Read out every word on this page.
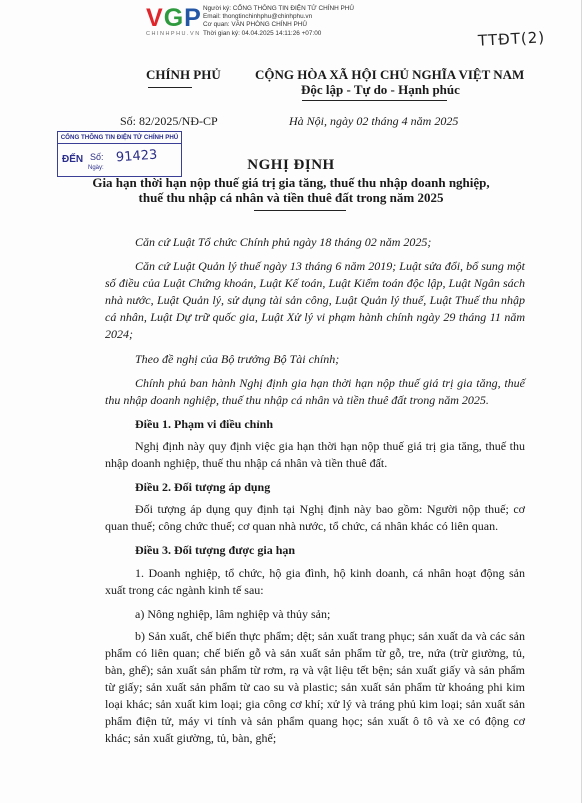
V G P
CHINHPHU.VN
Người ký: CỔNG THÔNG TIN ĐIỆN TỬ CHÍNH PHỦ
Email: thongtinchinhphu@chinhphu.vn
Cơ quan: VĂN PHÒNG CHÍNH PHỦ
Thời gian ký: 04.04.2025 14:11:26 +07:00	TTĐT(2)
CHÍNH PHỦ	CỘNG HÒA XÃ HỘI CHỦ NGHĨA VIỆT NAM
Độc lập - Tự do - Hạnh phúc
Số: 82/2025/NĐ-CP	Hà Nội, ngày 02 tháng 4 năm 2025
CỔNG THÔNG TIN ĐIỆN TỬ CHÍNH PHỦ
ĐẾN Số: 91423
Ngày:	NGHỊ ĐỊNH
Gia hạn thời hạn nộp thuế giá trị gia tăng, thuế thu nhập doanh nghiệp,
thuế thu nhập cá nhân và tiền thuê đất trong năm 2025

Căn cứ Luật Tổ chức Chính phủ ngày 18 tháng 02 năm 2025;

Căn cứ Luật Quản lý thuế ngày 13 tháng 6 năm 2019; Luật sửa đổi, bổ sung một số điều của Luật Chứng khoán, Luật Kế toán, Luật Kiểm toán độc lập, Luật Ngân sách nhà nước, Luật Quản lý, sử dụng tài sản công, Luật Quản lý thuế, Luật Thuế thu nhập cá nhân, Luật Dự trữ quốc gia, Luật Xử lý vi phạm hành chính ngày 29 tháng 11 năm 2024;

Theo đề nghị của Bộ trưởng Bộ Tài chính;

Chính phủ ban hành Nghị định gia hạn thời hạn nộp thuế giá trị gia tăng, thuế thu nhập doanh nghiệp, thuế thu nhập cá nhân và tiền thuê đất trong năm 2025.

Điều 1. Phạm vi điều chỉnh

Nghị định này quy định việc gia hạn thời hạn nộp thuế giá trị gia tăng, thuế thu nhập doanh nghiệp, thuế thu nhập cá nhân và tiền thuê đất.

Điều 2. Đối tượng áp dụng

Đối tượng áp dụng quy định tại Nghị định này bao gồm: Người nộp thuế; cơ quan thuế; công chức thuế; cơ quan nhà nước, tổ chức, cá nhân khác có liên quan.

Điều 3. Đối tượng được gia hạn

1. Doanh nghiệp, tổ chức, hộ gia đình, hộ kinh doanh, cá nhân hoạt động sản xuất trong các ngành kinh tế sau:

a) Nông nghiệp, lâm nghiệp và thủy sản;

b) Sản xuất, chế biến thực phẩm; dệt; sản xuất trang phục; sản xuất da và các sản phẩm có liên quan; chế biến gỗ và sản xuất sản phẩm từ gỗ, tre, nứa (trừ giường, tủ, bàn, ghế); sản xuất sản phẩm từ rơm, rạ và vật liệu tết bện; sản xuất giấy và sản phẩm từ giấy; sản xuất sản phẩm từ cao su và plastic; sản xuất sản phẩm từ khoáng phi kim loại khác; sản xuất kim loại; gia công cơ khí; xử lý và tráng phủ kim loại; sản xuất sản phẩm điện tử, máy vi tính và sản phẩm quang học; sản xuất ô tô và xe có động cơ khác; sản xuất giường, tủ, bàn, ghế;
